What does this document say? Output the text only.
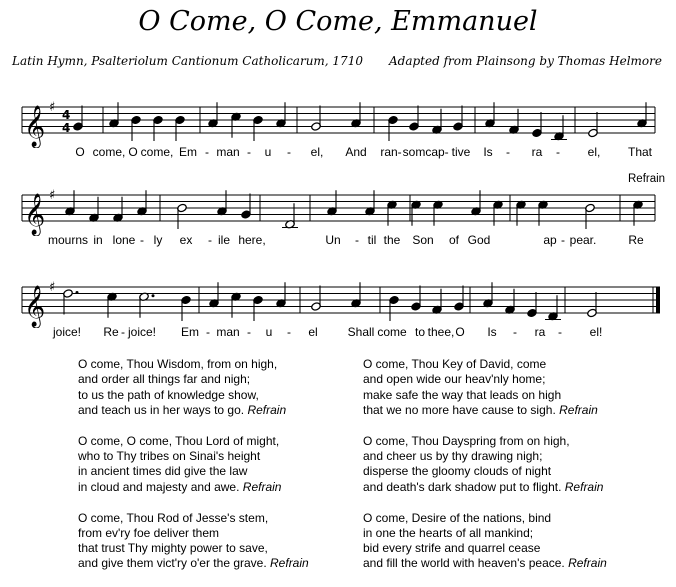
O Come, O Come, Emmanuel
Latin Hymn, Psalteriolum Cantionum Catholicarum, 1710 Adapted from Plainsong by Thomas Helmore
𝄞 ♯ 4
4
𝄞 ♯
𝄞 ♯
Refrain
O come, O come, Em - man - u - el, And ran- som cap- tive Is - ra - el, That
mourns in lone - ly ex - ile here,	Un - til the Son of God	ap - pear.	Re
joice! Re - joice! Em - man - u - el Shall come to thee, O Is - ra - el!
O come, Thou Wisdom, from on high,
and order all things far and nigh;
to us the path of knowledge show,
and teach us in her ways to go. Refrain
O come, O come, Thou Lord of might,
who to Thy tribes on Sinai's height
in ancient times did give the law
in cloud and majesty and awe. Refrain
O come, Thou Rod of Jesse's stem,
from ev'ry foe deliver them
that trust Thy mighty power to save,
and give them vict'ry o'er the grave. Refrain
O come, Thou Key of David, come
and open wide our heav'nly home;
make safe the way that leads on high
that we no more have cause to sigh. Refrain
O come, Thou Dayspring from on high,
and cheer us by thy drawing nigh;
disperse the gloomy clouds of night
and death's dark shadow put to flight. Refrain
O come, Desire of the nations, bind
in one the hearts of all mankind;
bid every strife and quarrel cease
and fill the world with heaven's peace. Refrain
